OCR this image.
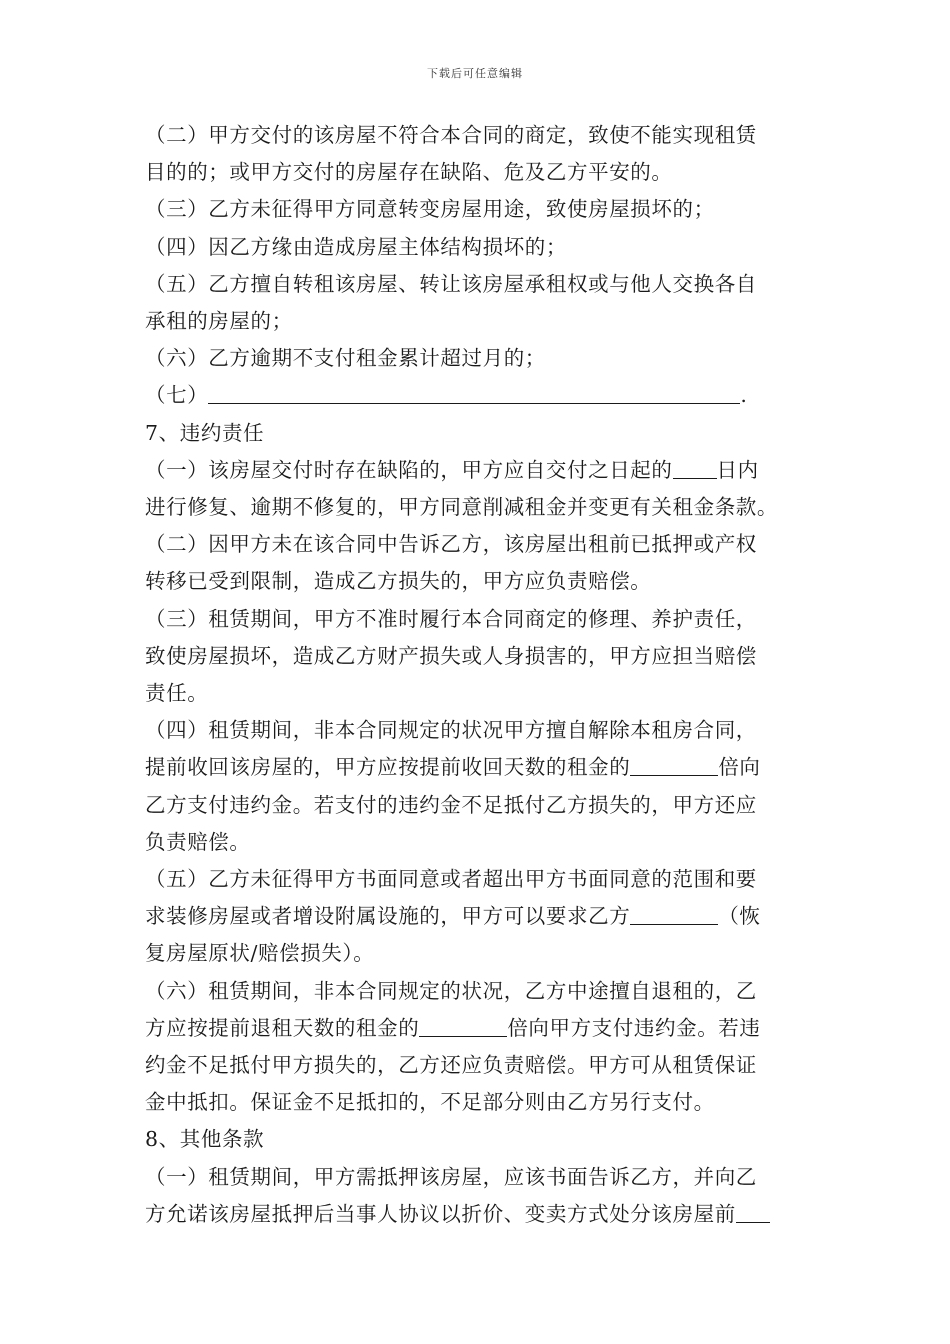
下载后可任意编辑

（二）甲方交付的该房屋不符合本合同的商定，致使不能实现租赁

目的的；或甲方交付的房屋存在缺陷、危及乙方平安的。

（三）乙方未征得甲方同意转变房屋用途，致使房屋损坏的；

（四）因乙方缘由造成房屋主体结构损坏的；

（五）乙方擅自转租该房屋、转让该房屋承租权或与他人交换各自

承租的房屋的；

（六）乙方逾期不支付租金累计超过月的；

（七）	.

7、违约责任

（一）该房屋交付时存在缺陷的，甲方应自交付之日起的 日内

进行修复、逾期不修复的，甲方同意削减租金并变更有关租金条款。

（二）因甲方未在该合同中告诉乙方，该房屋出租前已抵押或产权

转移已受到限制，造成乙方损失的，甲方应负责赔偿。

（三）租赁期间，甲方不准时履行本合同商定的修理、养护责任，

致使房屋损坏，造成乙方财产损失或人身损害的，甲方应担当赔偿

责任。

（四）租赁期间，非本合同规定的状况甲方擅自解除本租房合同，

提前收回该房屋的，甲方应按提前收回天数的租金的	倍向

乙方支付违约金。若支付的违约金不足抵付乙方损失的，甲方还应

负责赔偿。

（五）乙方未征得甲方书面同意或者超出甲方书面同意的范围和要

求装修房屋或者增设附属设施的，甲方可以要求乙方	（恢

复房屋原状/赔偿损失）。

（六）租赁期间，非本合同规定的状况，乙方中途擅自退租的，乙

方应按提前退租天数的租金的	倍向甲方支付违约金。若违

约金不足抵付甲方损失的，乙方还应负责赔偿。甲方可从租赁保证

金中抵扣。保证金不足抵扣的，不足部分则由乙方另行支付。

8、其他条款

（一）租赁期间，甲方需抵押该房屋，应该书面告诉乙方，并向乙

方允诺该房屋抵押后当事人协议以折价、变卖方式处分该房屋前
